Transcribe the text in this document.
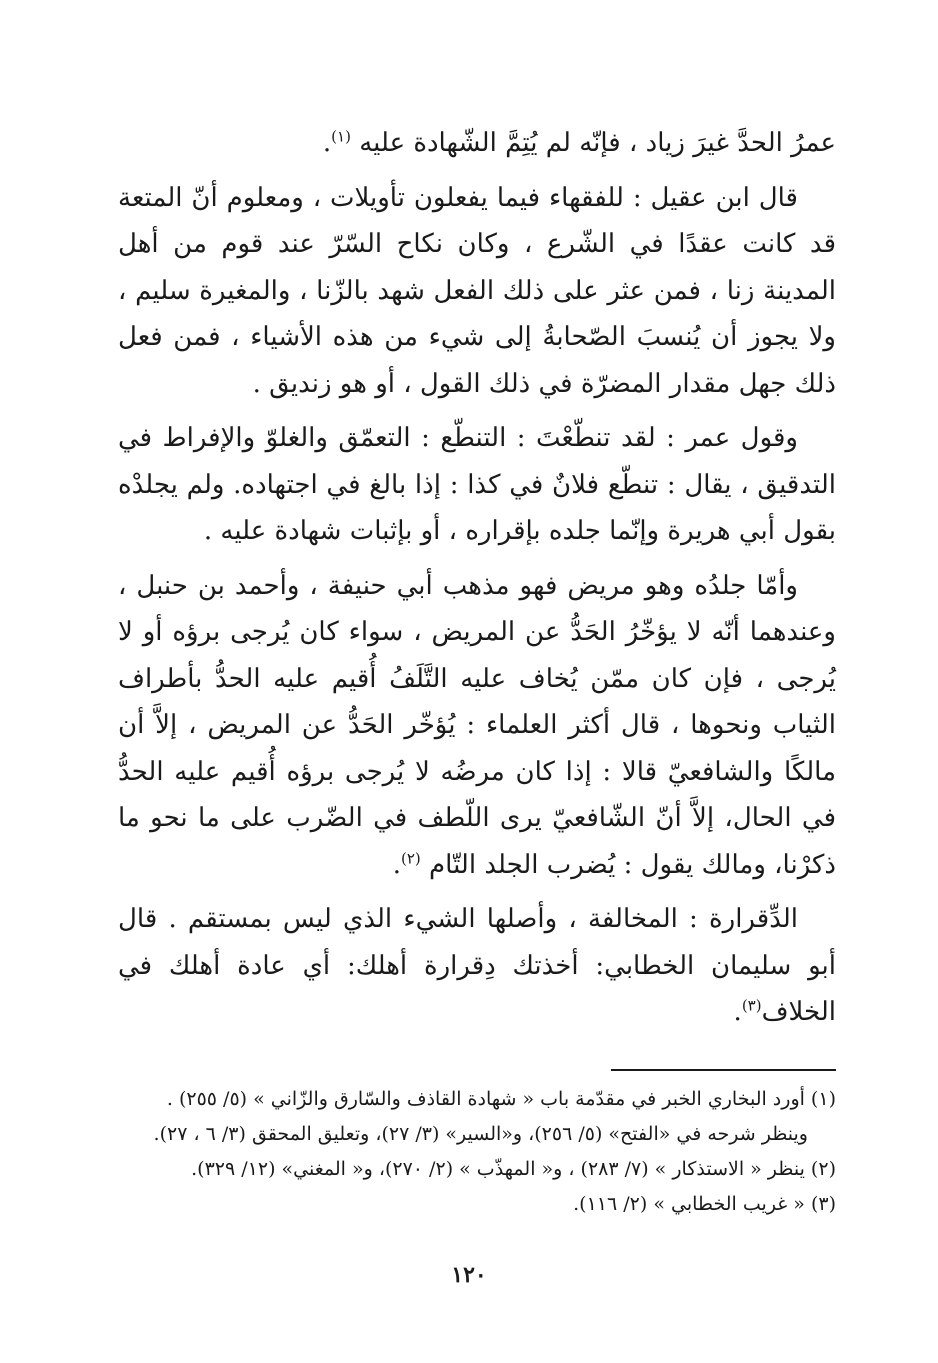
عمرُ الحدَّ غيرَ زياد ، فإنّه لم يُتِمَّ الشّهادة عليه $^{(١)}$.

قال ابن عقيل : للفقهاء فيما يفعلون تأويلات ، ومعلوم أنّ المتعة قد كانت عقدًا في الشّرع ، وكان نكاح السّرّ عند قوم من أهل المدينة زنا ، فمن عثر على ذلك الفعل شهد بالزّنا ، والمغيرة سليم ، ولا يجوز أن يُنسبَ الصّحابةُ إلى شيء من هذه الأشياء ، فمن فعل ذلك جهل مقدار المضرّة في ذلك القول ، أو هو زنديق .

وقول عمر : لقد تنطّعْتَ : التنطّع : التعمّق والغلوّ والإفراط في التدقيق ، يقال : تنطّع فلانٌ في كذا : إذا بالغ في اجتهاده. ولم يجلدْه بقول أبي هريرة وإنّما جلده بإقراره ، أو بإثبات شهادة عليه .

وأمّا جلدُه وهو مريض فهو مذهب أبي حنيفة ، وأحمد بن حنبل ، وعندهما أنّه لا يؤخّرُ الحَدُّ عن المريض ، سواء كان يُرجى برؤه أو لا يُرجى ، فإن كان ممّن يُخاف عليه التَّلَفُ أُقيم عليه الحدُّ بأطراف الثياب ونحوها ، قال أكثر العلماء : يُؤخّر الحَدُّ عن المريض ، إلاَّ أن مالكًا والشافعيّ قالا : إذا كان مرضُه لا يُرجى برؤه أُقيم عليه الحدُّ في الحال، إلاَّ أنّ الشّافعيّ يرى اللّطف في الضّرب على ما نحو ما ذكرْنا، ومالك يقول : يُضرب الجلد التّام $^{(٢)}$.

الدِّقرارة : المخالفة ، وأصلها الشيء الذي ليس بمستقم . قال أبو سليمان الخطابي: أخذتك دِقرارة أهلك: أي عادة أهلك في الخلاف$^{(٣)}$.

(١) أورد البخاري الخبر في مقدّمة باب « شهادة القاذف والسّارق والزّاني » (٥/ ٢٥٥) .

وينظر شرحه في «الفتح» (٥/ ٢٥٦)، و«السير» (٣/ ٢٧)، وتعليق المحقق (٣/ ٦ ، ٢٧).

(٢) ينظر « الاستذكار » (٧/ ٢٨٣) ، و« المهذّب » (٢/ ٢٧٠)، و« المغني» (١٢/ ٣٢٩).

(٣) « غريب الخطابي » (٢/ ١١٦).

١٢٠
